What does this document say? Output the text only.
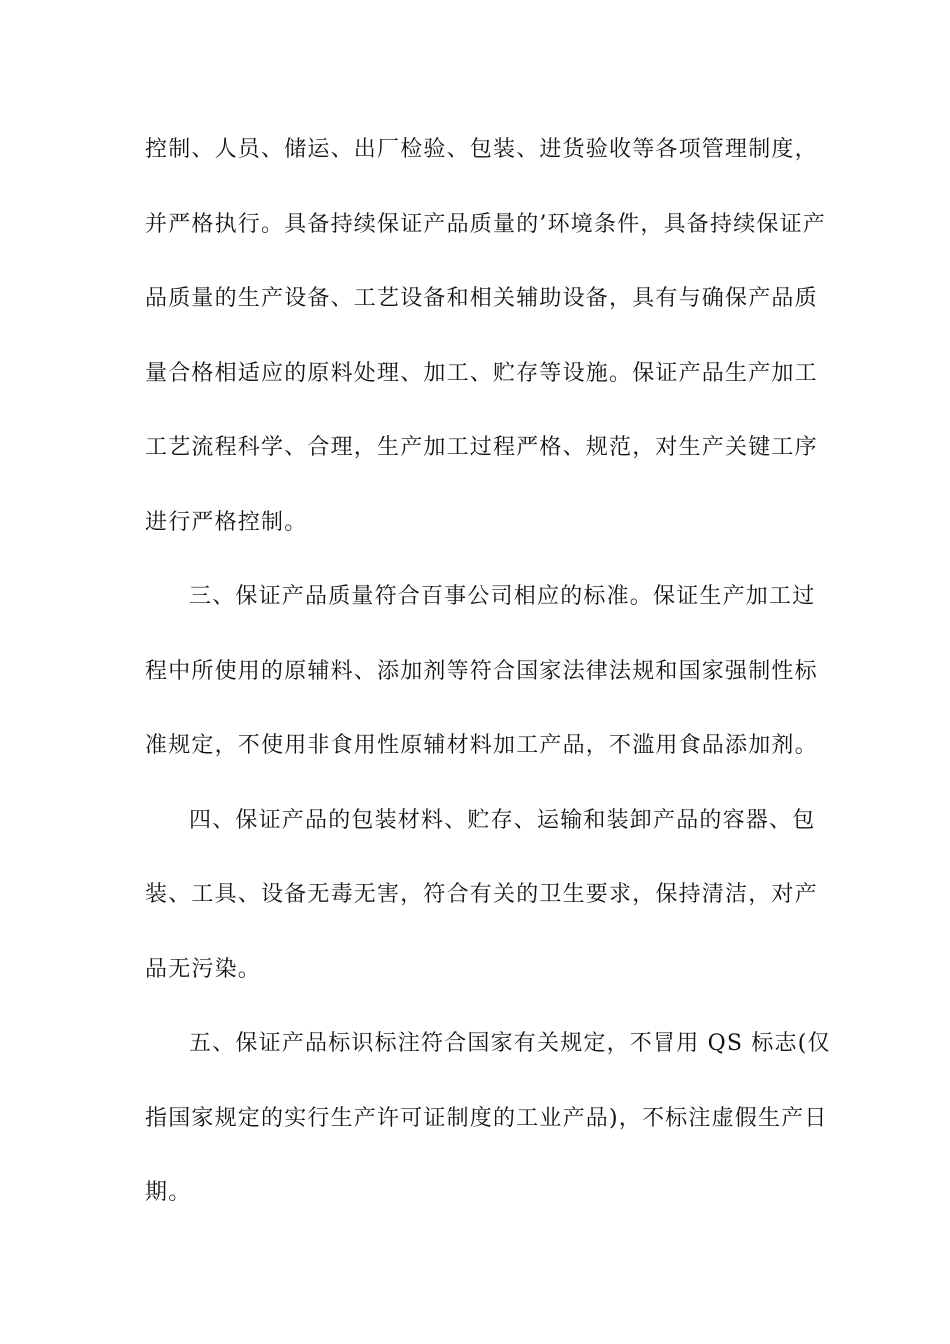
控制、人员、储运、出厂检验、包装、进货验收等各项管理制度，
并严格执行。具备持续保证产品质量的’环境条件，具备持续保证产
品质量的生产设备、工艺设备和相关辅助设备，具有与确保产品质
量合格相适应的原料处理、加工、贮存等设施。保证产品生产加工
工艺流程科学、合理，生产加工过程严格、规范，对生产关键工序
进行严格控制。
三、保证产品质量符合百事公司相应的标准。保证生产加工过
程中所使用的原辅料、添加剂等符合国家法律法规和国家强制性标
准规定，不使用非食用性原辅材料加工产品，不滥用食品添加剂。
四、保证产品的包装材料、贮存、运输和装卸产品的容器、包
装、工具、设备无毒无害，符合有关的卫生要求，保持清洁，对产
品无污染。
五、保证产品标识标注符合国家有关规定，不冒用 QS 标志(仅
指国家规定的实行生产许可证制度的工业产品)，不标注虚假生产日
期。
